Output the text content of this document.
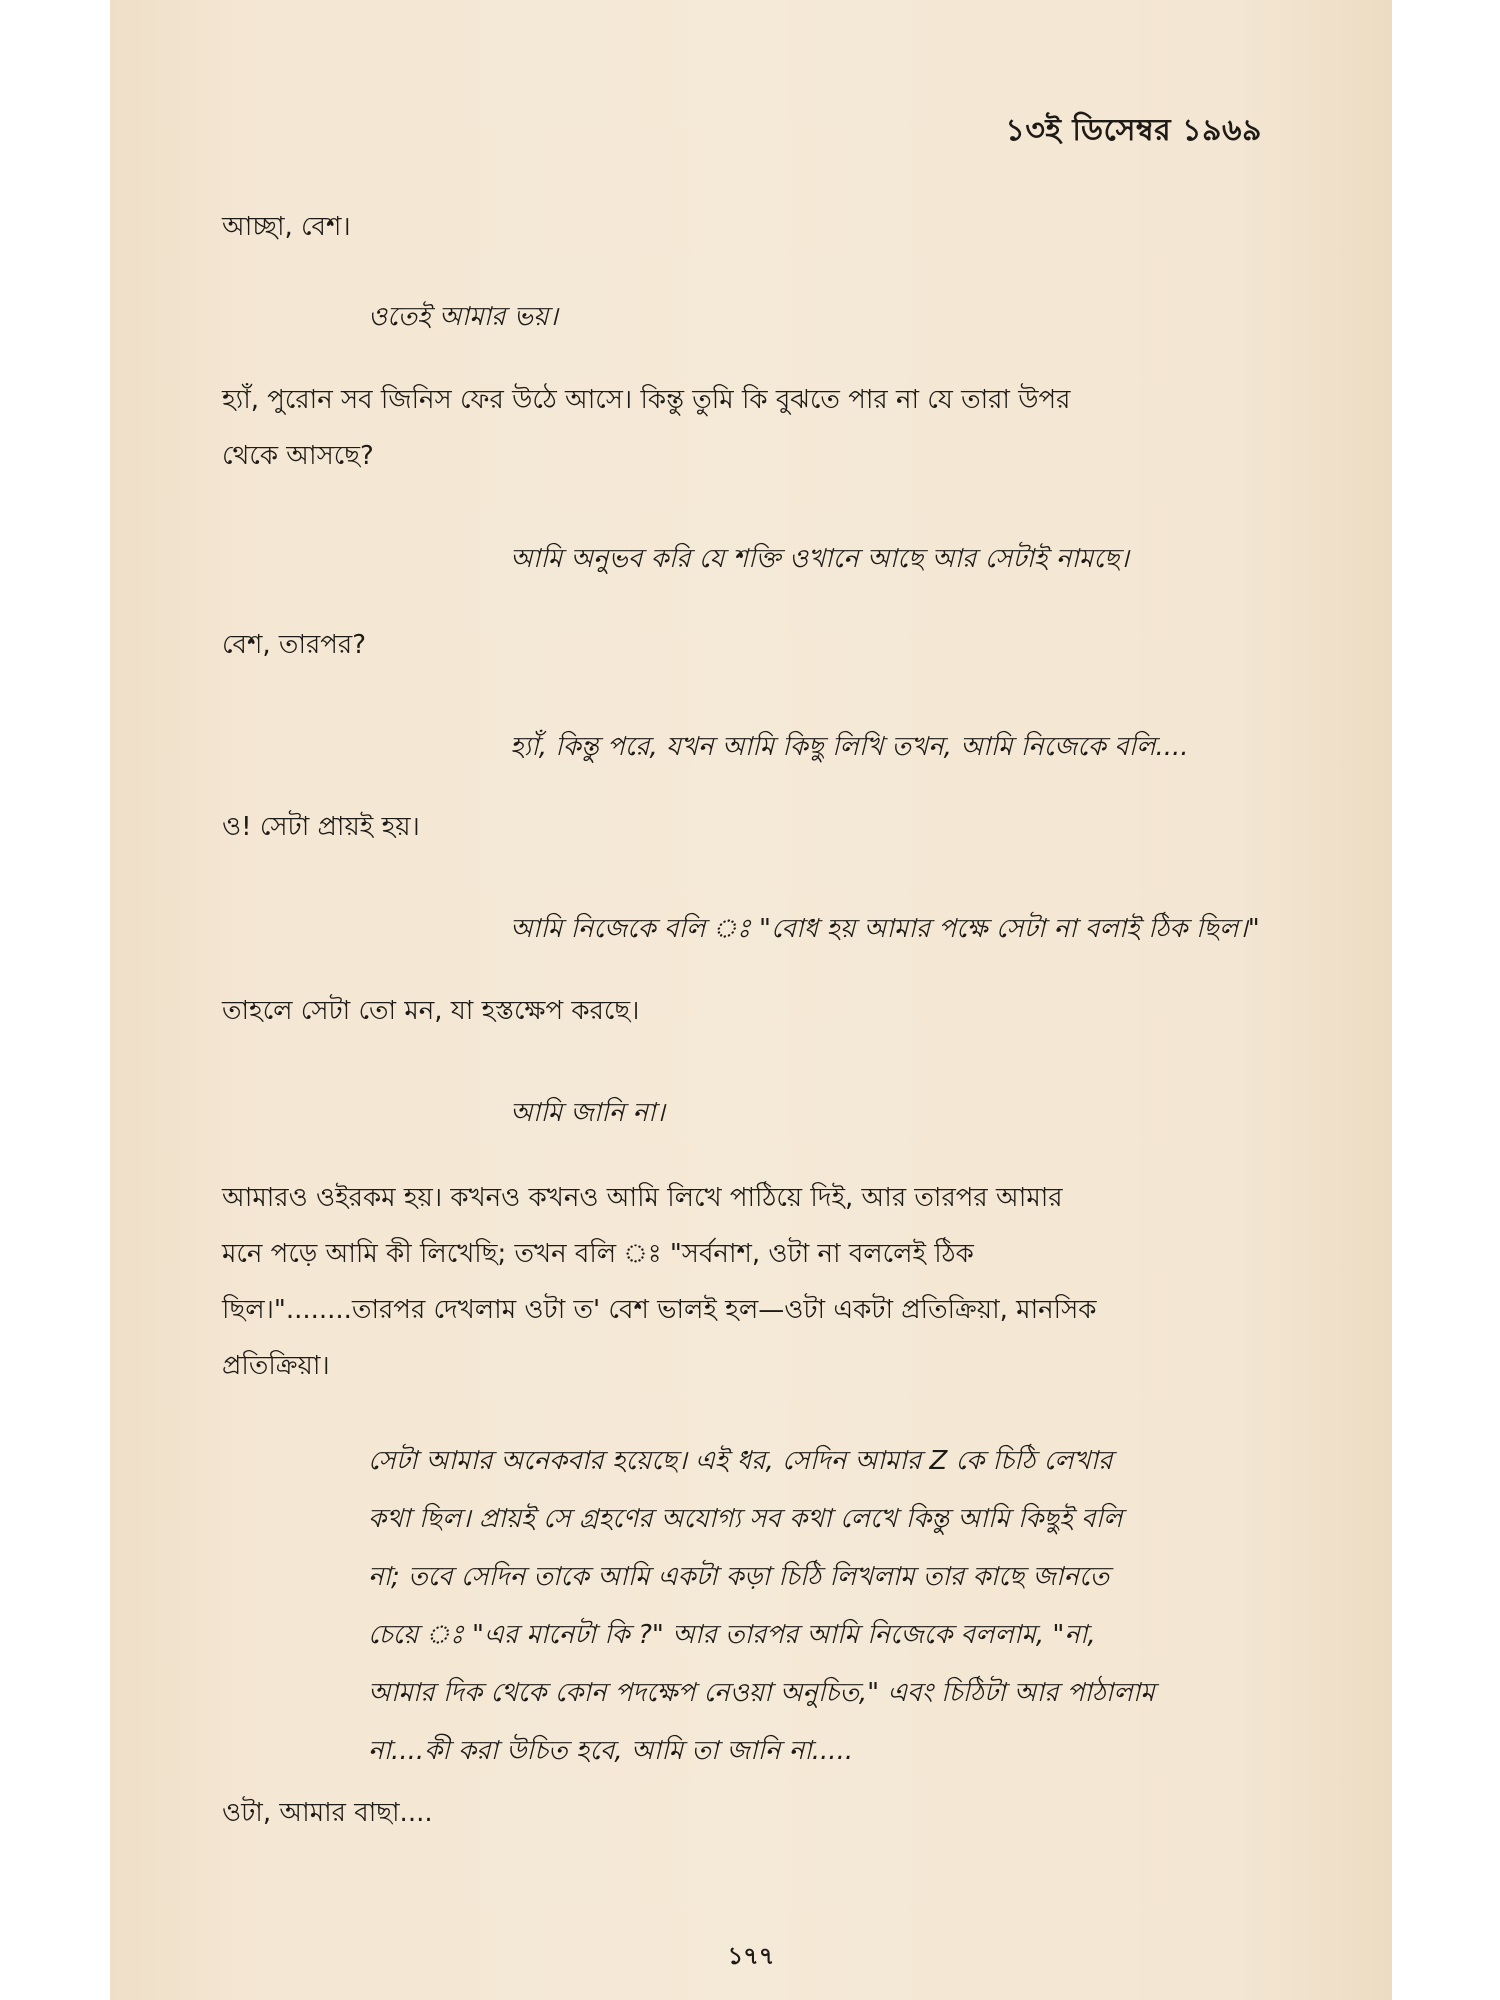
১৩ই ডিসেম্বর ১৯৬৯
আচ্ছা, বেশ।
ওতেই আমার ভয়।
হ্যাঁ, পুরোন সব জিনিস ফের উঠে আসে। কিন্তু তুমি কি বুঝতে পার না যে তারা উপর
থেকে আসছে?
আমি অনুভব করি যে শক্তি ওখানে আছে আর সেটাই নামছে।
বেশ, তারপর?
হ্যাঁ, কিন্তু পরে, যখন আমি কিছু লিখি তখন, আমি নিজেকে বলি....
ও! সেটা প্রায়ই হয়।
আমি নিজেকে বলি ঃ "বোধ হয় আমার পক্ষে সেটা না বলাই ঠিক ছিল।"
তাহলে সেটা তো মন, যা হস্তক্ষেপ করছে।
আমি জানি না।
আমারও ওইরকম হয়। কখনও কখনও আমি লিখে পাঠিয়ে দিই, আর তারপর আমার
মনে পড়ে আমি কী লিখেছি; তখন বলি ঃ "সর্বনাশ, ওটা না বললেই ঠিক
ছিল।"........তারপর দেখলাম ওটা ত' বেশ ভালই হল—ওটা একটা প্রতিক্রিয়া, মানসিক
প্রতিক্রিয়া।
সেটা আমার অনেকবার হয়েছে। এই ধর, সেদিন আমার Z কে চিঠি লেখার
কথা ছিল। প্রায়ই সে গ্রহণের অযোগ্য সব কথা লেখে কিন্তু আমি কিছুই বলি
না; তবে সেদিন তাকে আমি একটা কড়া চিঠি লিখলাম তার কাছে জানতে
চেয়ে ঃ "এর মানেটা কি ?" আর তারপর আমি নিজেকে বললাম, "না,
আমার দিক থেকে কোন পদক্ষেপ নেওয়া অনুচিত," এবং চিঠিটা আর পাঠালাম
না....কী করা উচিত হবে, আমি তা জানি না.....
ওটা, আমার বাছা....
১৭৭
